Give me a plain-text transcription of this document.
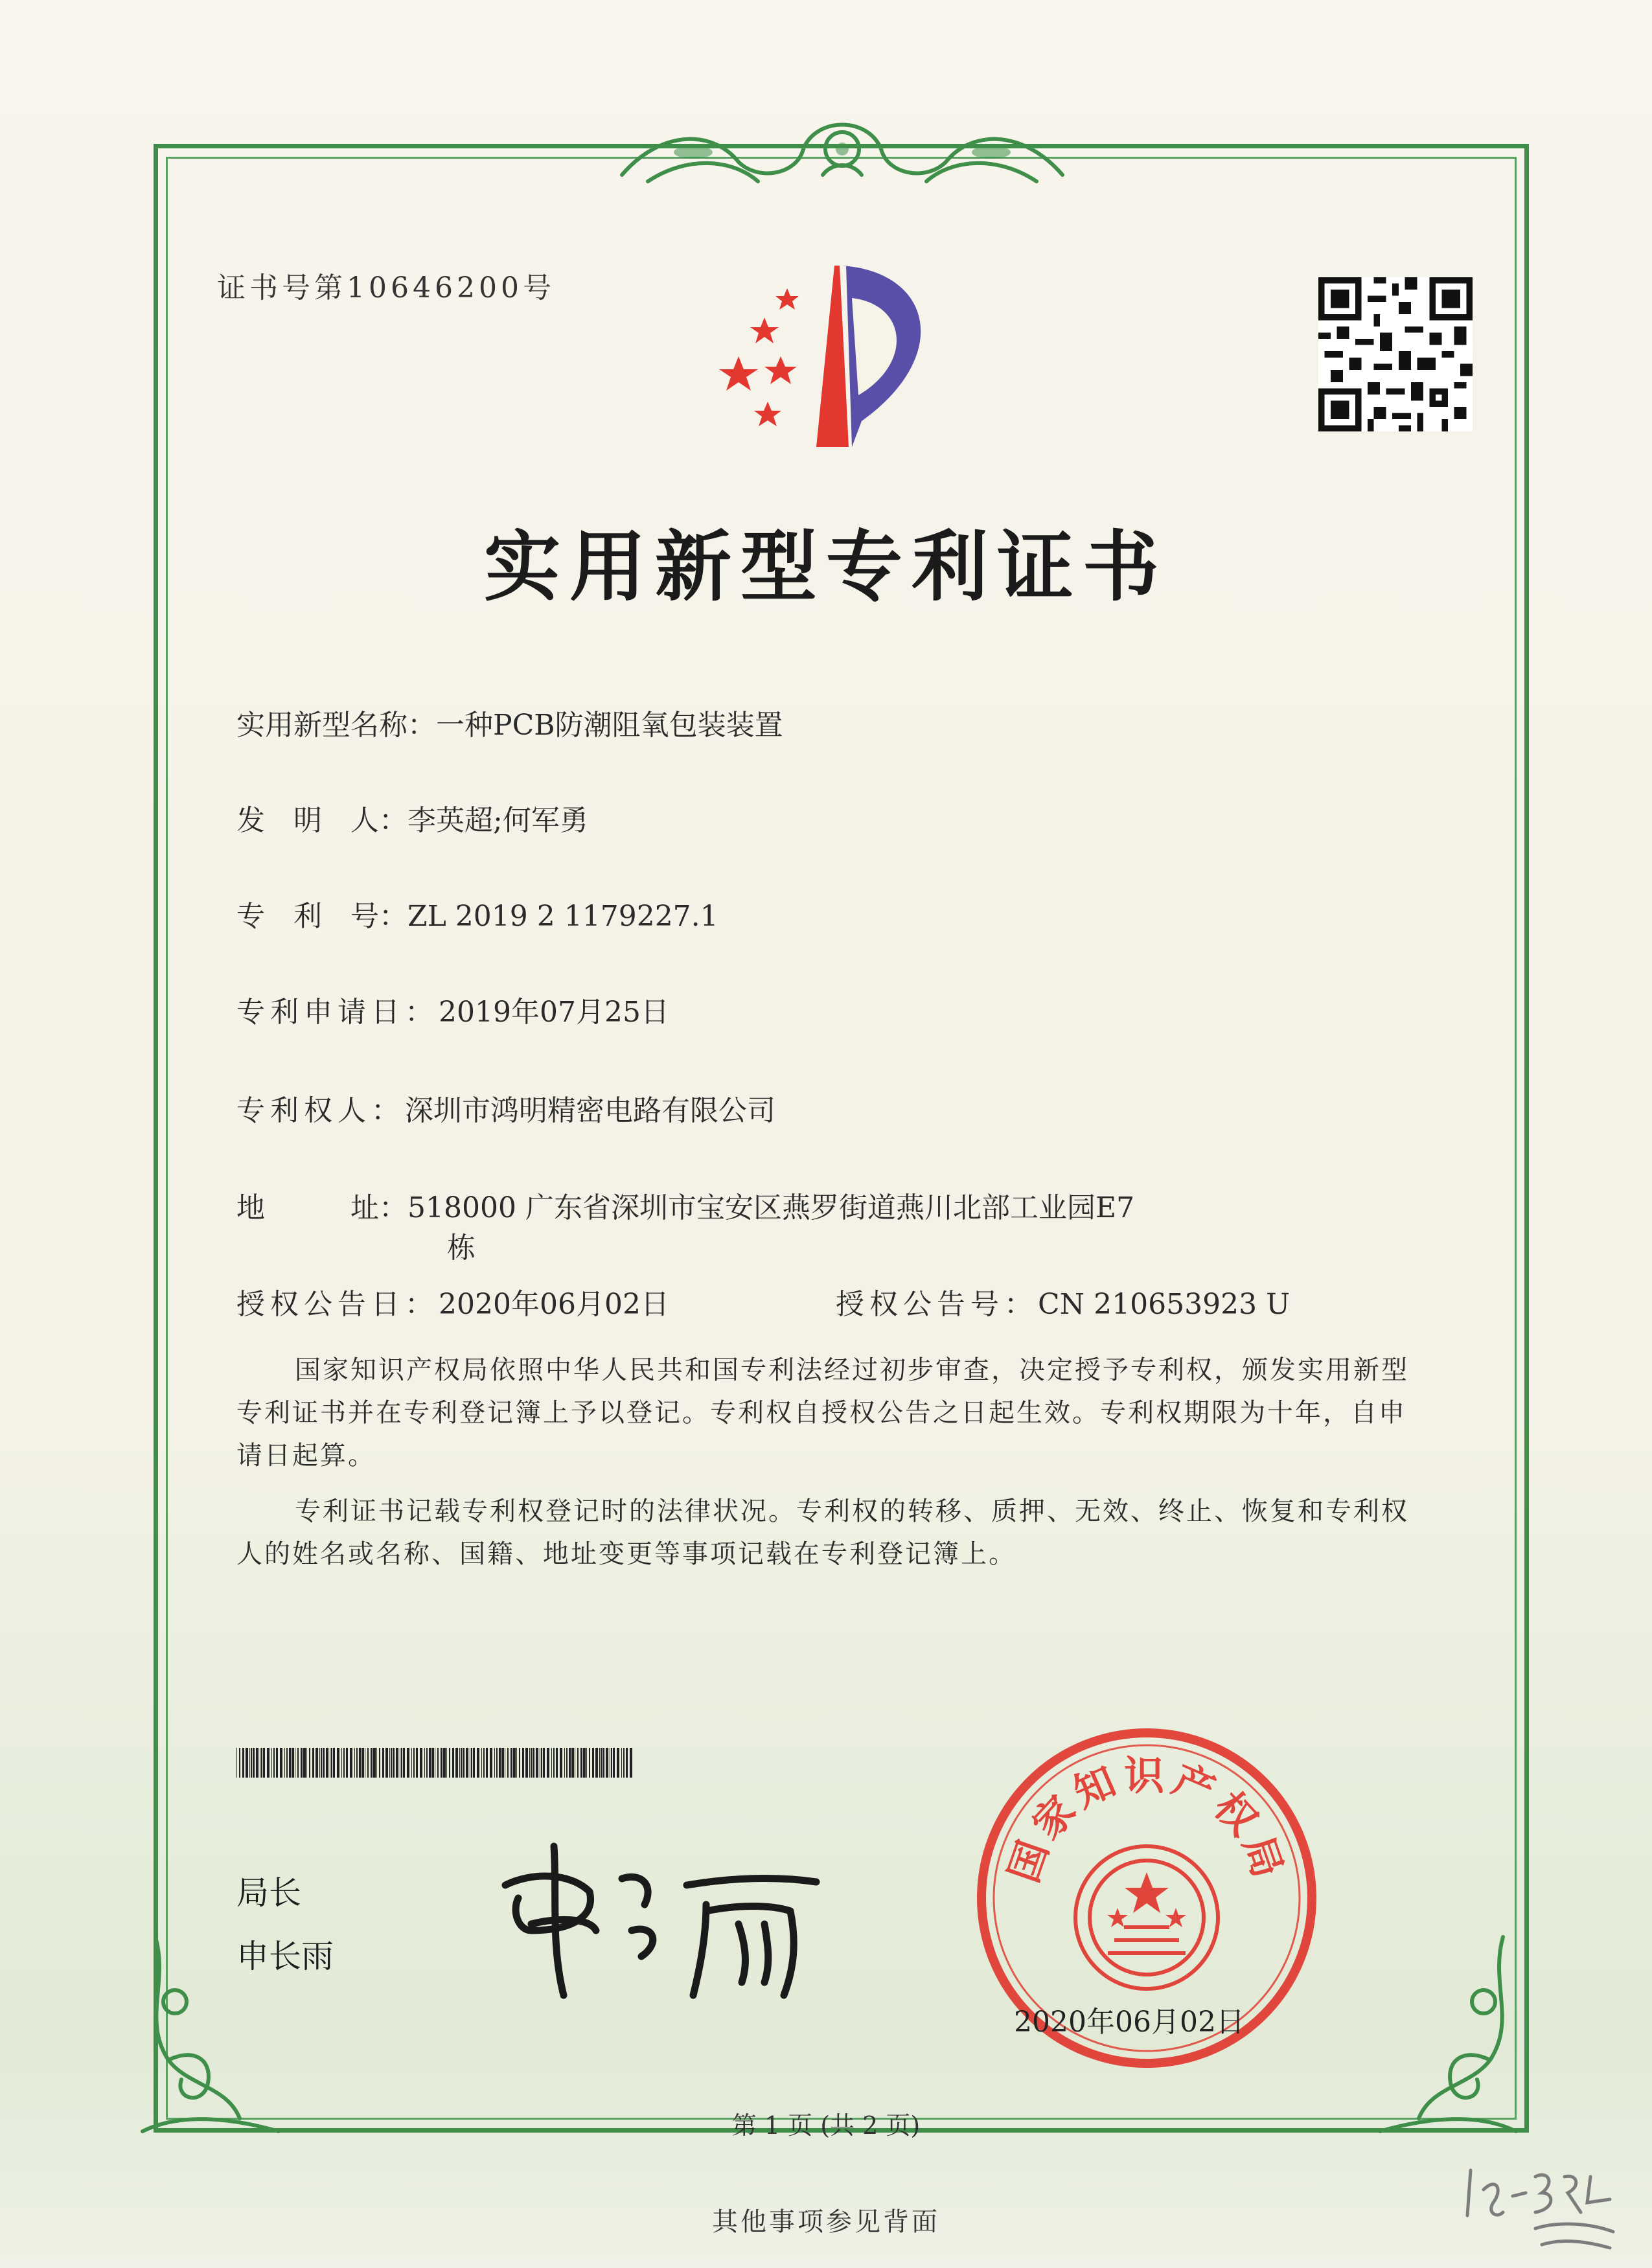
证书号第10646200号
实用新型专利证书
实用新型名称：一种PCB防潮阻氧包装装置
发　明　人：李英超;何军勇
专　利　号：ZL 2019 2 1179227.1
专利申请日：2019年07月25日
专利权人：深圳市鸿明精密电路有限公司
地　　　址：518000 广东省深圳市宝安区燕罗街道燕川北部工业园E7
栋
授权公告日：2020年06月02日	授权公告号：CN 210653923 U
国家知识产权局依照中华人民共和国专利法经过初步审查，决定授予专利权，颁发实用新型专利证书并在专利登记簿上予以登记。专利权自授权公告之日起生效。专利权期限为十年，自申请日起算。
专利证书记载专利权登记时的法律状况。专利权的转移、质押、无效、终止、恢复和专利权人的姓名或名称、国籍、地址变更等事项记载在专利登记簿上。
局长
申长雨
国家知识产权局
2020年06月02日
第 1 页 (共 2 页)
其他事项参见背面
